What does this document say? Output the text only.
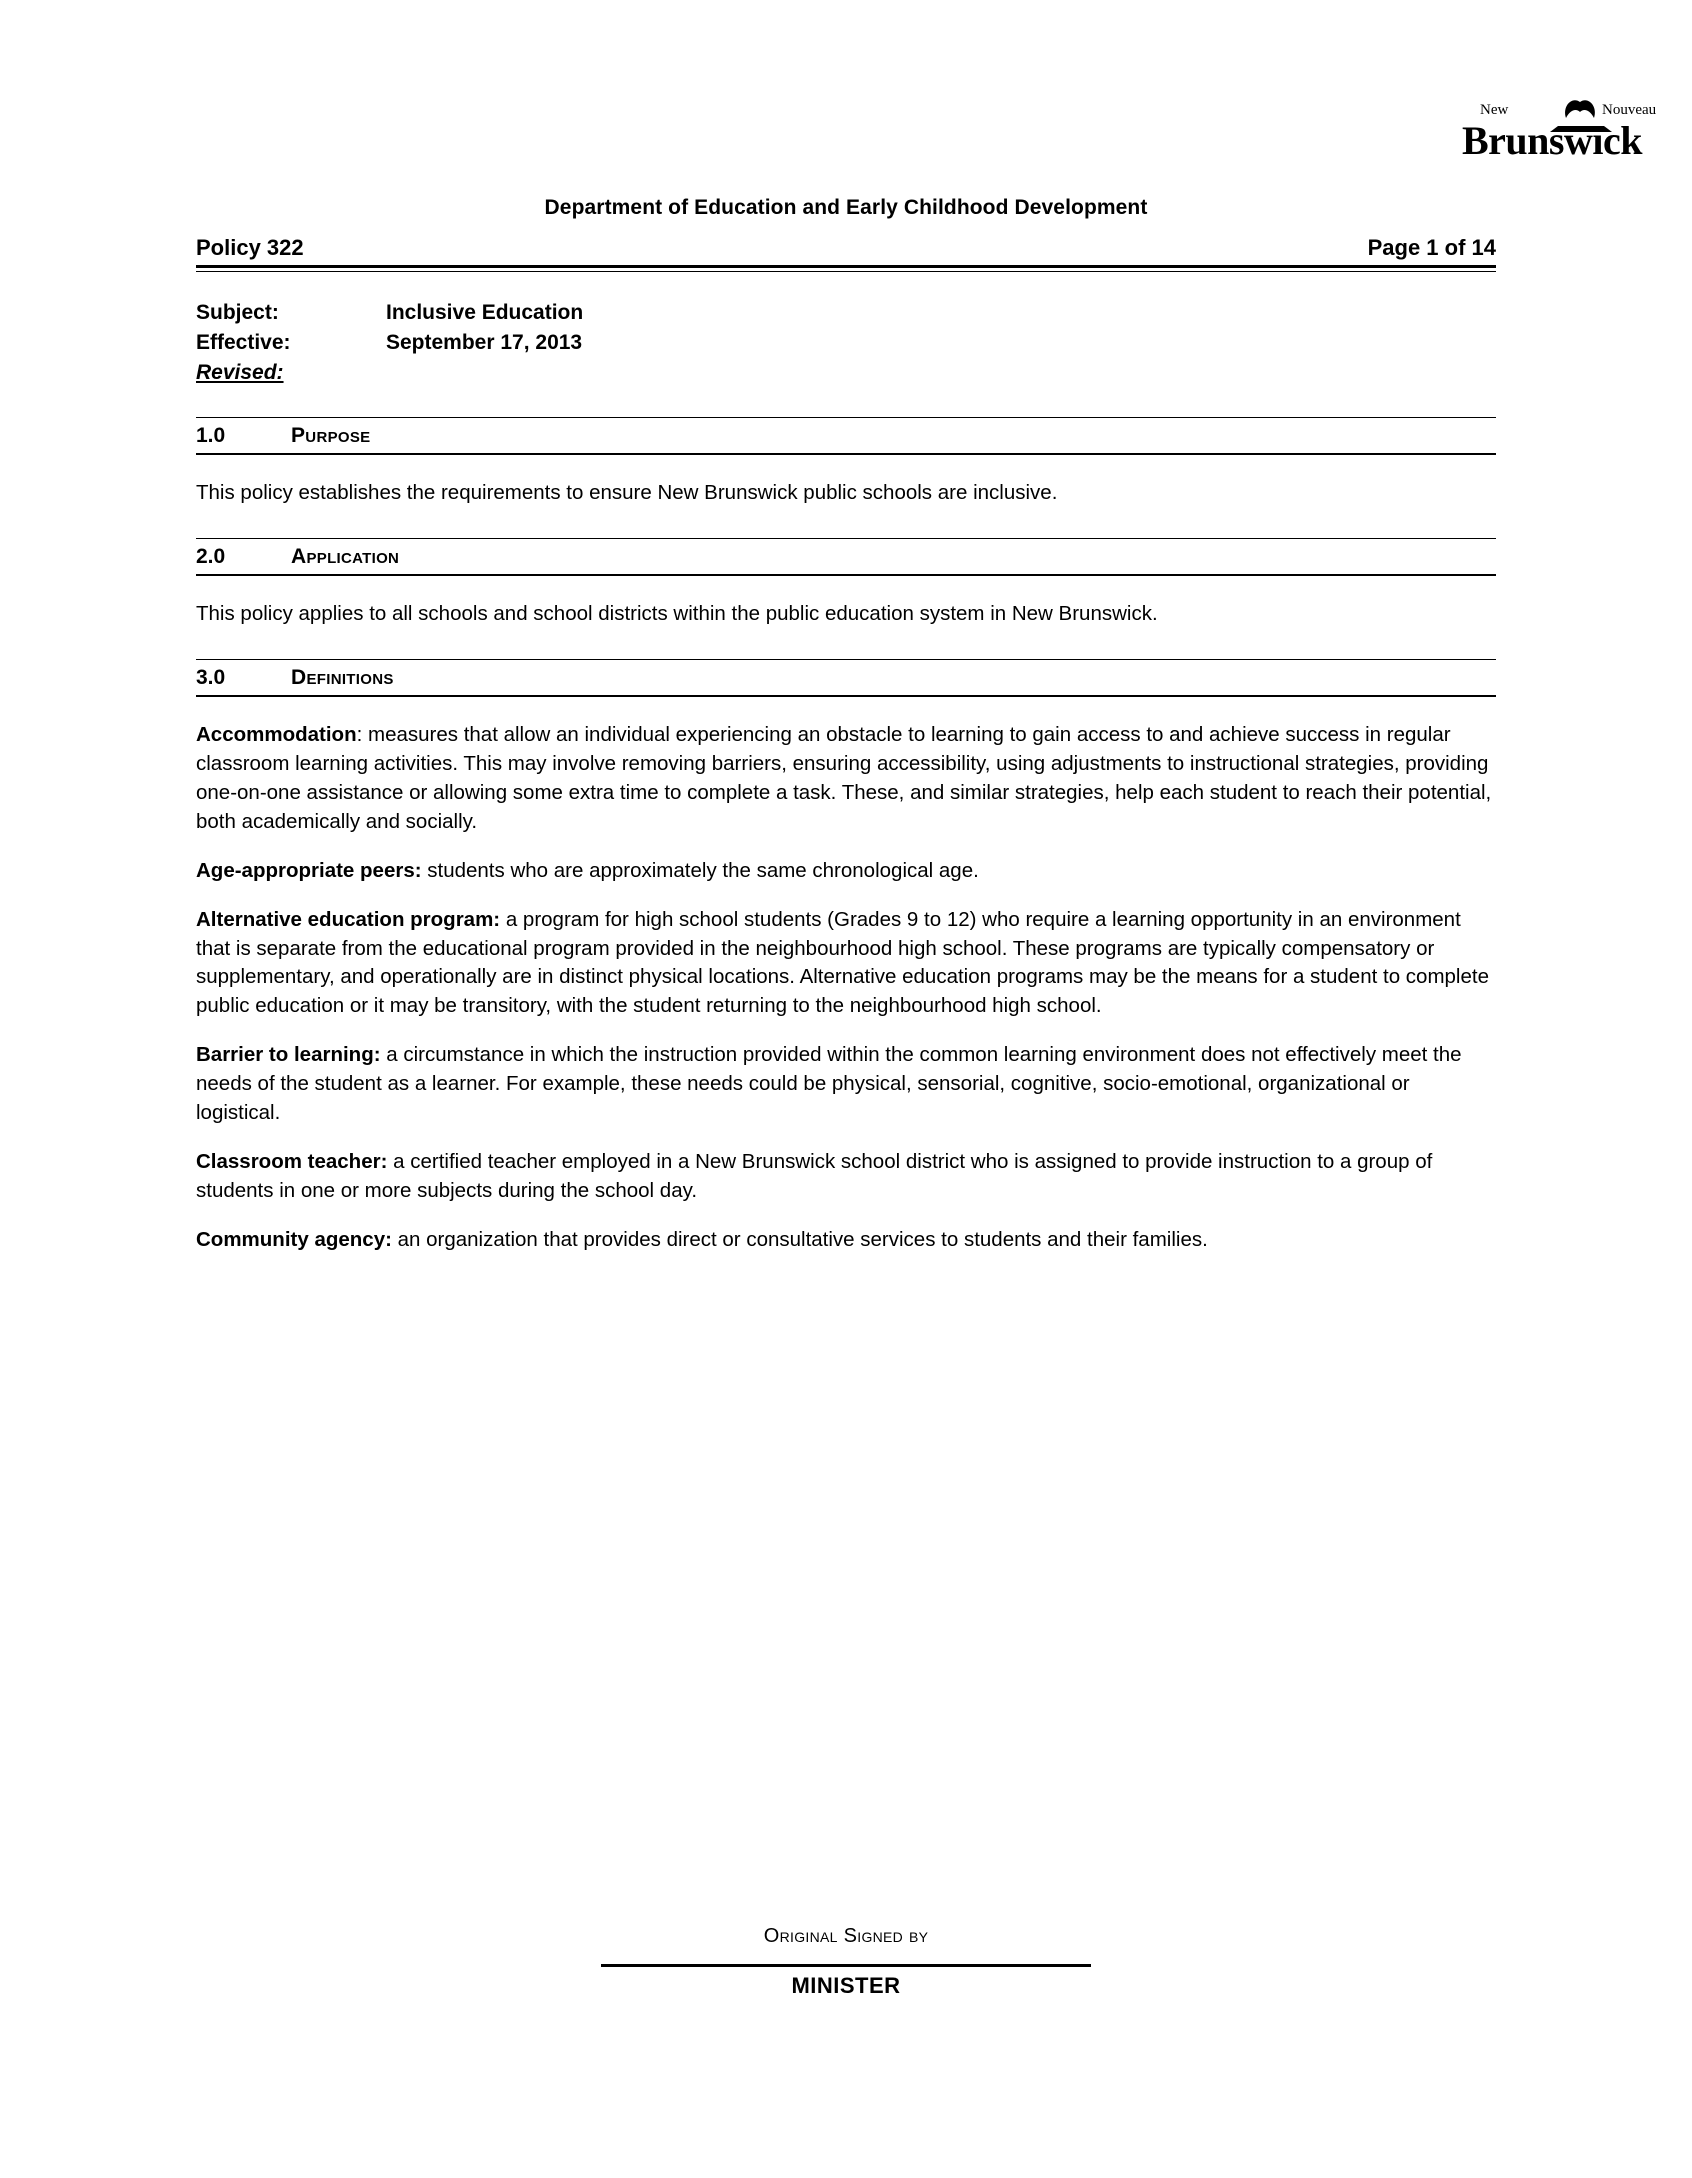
New	Nouveau
Brunswick
Department of Education and Early Childhood Development
Policy 322	Page 1 of 14
Subject:	Inclusive Education
Effective:	September 17, 2013
Revised:
1.0	Purpose
This policy establishes the requirements to ensure New Brunswick public schools are inclusive.
2.0	Application
This policy applies to all schools and school districts within the public education system in New Brunswick.
3.0	Definitions
Accommodation: measures that allow an individual experiencing an obstacle to learning to gain access to and achieve success in regular classroom learning activities. This may involve removing barriers, ensuring accessibility, using adjustments to instructional strategies, providing one-on-one assistance or allowing some extra time to complete a task. These, and similar strategies, help each student to reach their potential, both academically and socially.
Age-appropriate peers: students who are approximately the same chronological age.
Alternative education program: a program for high school students (Grades 9 to 12) who require a learning opportunity in an environment that is separate from the educational program provided in the neighbourhood high school. These programs are typically compensatory or supplementary, and operationally are in distinct physical locations. Alternative education programs may be the means for a student to complete public education or it may be transitory, with the student returning to the neighbourhood high school.
Barrier to learning: a circumstance in which the instruction provided within the common learning environment does not effectively meet the needs of the student as a learner. For example, these needs could be physical, sensorial, cognitive, socio-emotional, organizational or logistical.
Classroom teacher: a certified teacher employed in a New Brunswick school district who is assigned to provide instruction to a group of students in one or more subjects during the school day.
Community agency: an organization that provides direct or consultative services to students and their families.
Original Signed by
MINISTER
